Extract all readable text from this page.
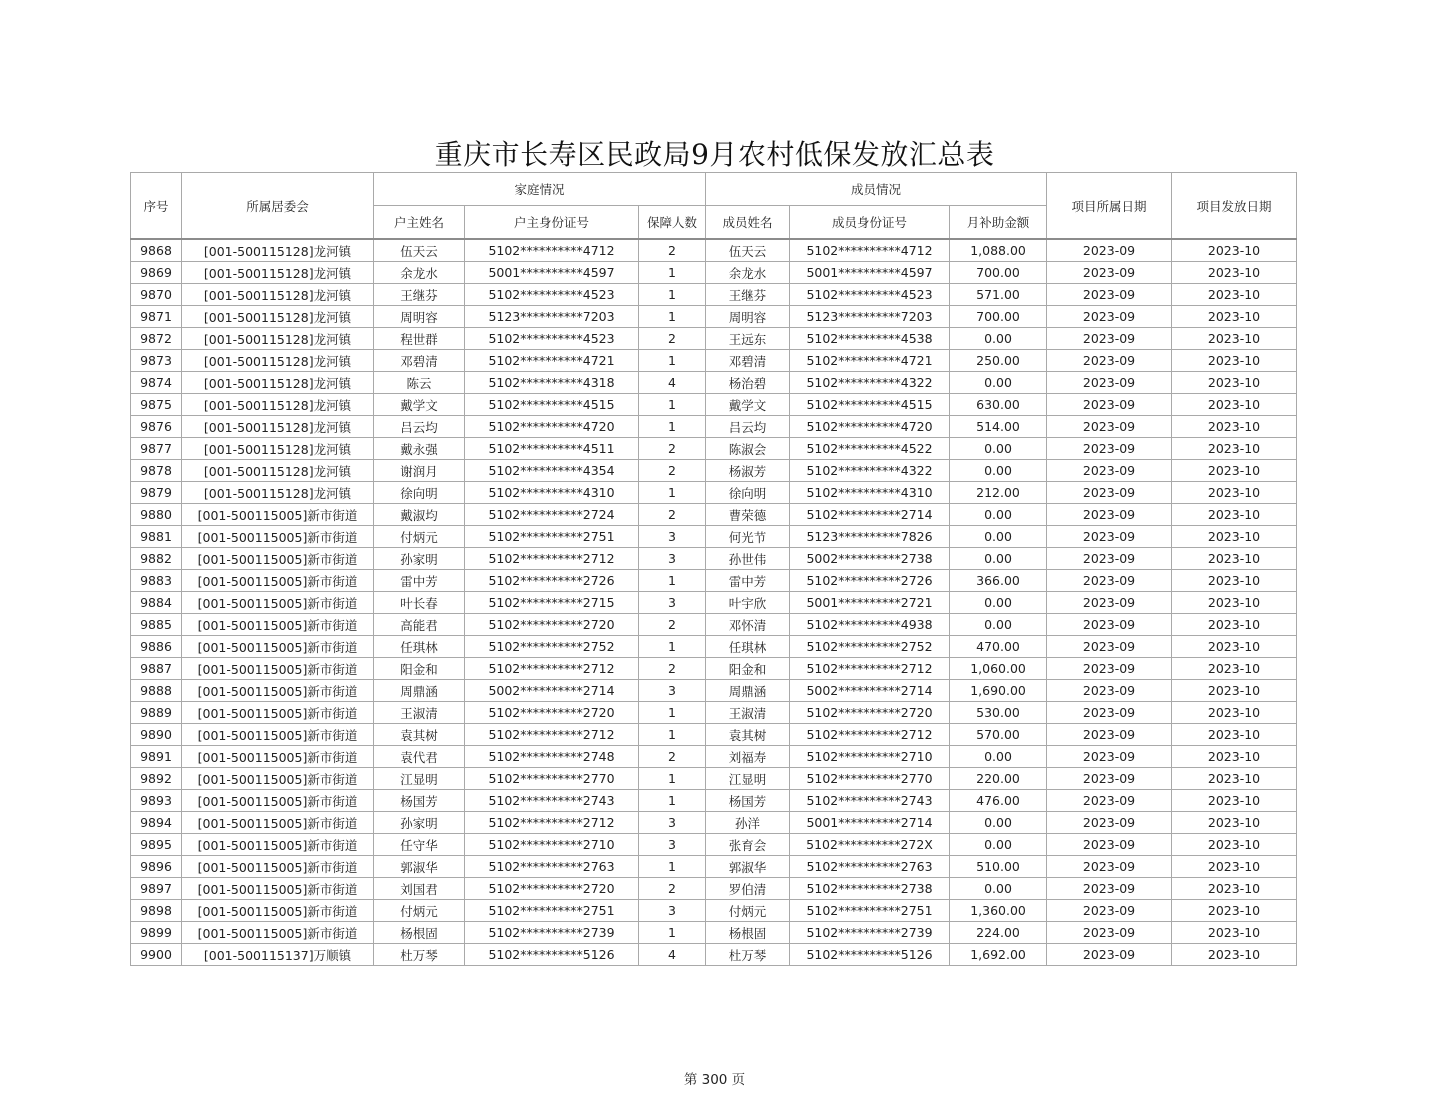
重庆市长寿区民政局9月农村低保发放汇总表
序号	所属居委会	家庭情况			成员情况			项目所属日期	项目发放日期
		户主姓名	户主身份证号	保障人数	成员姓名	成员身份证号	月补助金额		
9868	[001-500115128]龙河镇	伍天云	5102**********4712	2	伍天云	5102**********4712	1,088.00	2023-09	2023-10
9869	[001-500115128]龙河镇	余龙水	5001**********4597	1	余龙水	5001**********4597	700.00	2023-09	2023-10
9870	[001-500115128]龙河镇	王继芬	5102**********4523	1	王继芬	5102**********4523	571.00	2023-09	2023-10
9871	[001-500115128]龙河镇	周明容	5123**********7203	1	周明容	5123**********7203	700.00	2023-09	2023-10
9872	[001-500115128]龙河镇	程世群	5102**********4523	2	王远东	5102**********4538	0.00	2023-09	2023-10
9873	[001-500115128]龙河镇	邓碧清	5102**********4721	1	邓碧清	5102**********4721	250.00	2023-09	2023-10
9874	[001-500115128]龙河镇	陈云	5102**********4318	4	杨治碧	5102**********4322	0.00	2023-09	2023-10
9875	[001-500115128]龙河镇	戴学文	5102**********4515	1	戴学文	5102**********4515	630.00	2023-09	2023-10
9876	[001-500115128]龙河镇	吕云均	5102**********4720	1	吕云均	5102**********4720	514.00	2023-09	2023-10
9877	[001-500115128]龙河镇	戴永强	5102**********4511	2	陈淑会	5102**********4522	0.00	2023-09	2023-10
9878	[001-500115128]龙河镇	谢润月	5102**********4354	2	杨淑芳	5102**********4322	0.00	2023-09	2023-10
9879	[001-500115128]龙河镇	徐向明	5102**********4310	1	徐向明	5102**********4310	212.00	2023-09	2023-10
9880	[001-500115005]新市街道	戴淑均	5102**********2724	2	曹荣德	5102**********2714	0.00	2023-09	2023-10
9881	[001-500115005]新市街道	付炳元	5102**********2751	3	何光节	5123**********7826	0.00	2023-09	2023-10
9882	[001-500115005]新市街道	孙家明	5102**********2712	3	孙世伟	5002**********2738	0.00	2023-09	2023-10
9883	[001-500115005]新市街道	雷中芳	5102**********2726	1	雷中芳	5102**********2726	366.00	2023-09	2023-10
9884	[001-500115005]新市街道	叶长春	5102**********2715	3	叶宇欣	5001**********2721	0.00	2023-09	2023-10
9885	[001-500115005]新市街道	高能君	5102**********2720	2	邓怀清	5102**********4938	0.00	2023-09	2023-10
9886	[001-500115005]新市街道	任琪林	5102**********2752	1	任琪林	5102**********2752	470.00	2023-09	2023-10
9887	[001-500115005]新市街道	阳金和	5102**********2712	2	阳金和	5102**********2712	1,060.00	2023-09	2023-10
9888	[001-500115005]新市街道	周鼎涵	5002**********2714	3	周鼎涵	5002**********2714	1,690.00	2023-09	2023-10
9889	[001-500115005]新市街道	王淑清	5102**********2720	1	王淑清	5102**********2720	530.00	2023-09	2023-10
9890	[001-500115005]新市街道	袁其树	5102**********2712	1	袁其树	5102**********2712	570.00	2023-09	2023-10
9891	[001-500115005]新市街道	袁代君	5102**********2748	2	刘福寿	5102**********2710	0.00	2023-09	2023-10
9892	[001-500115005]新市街道	江显明	5102**********2770	1	江显明	5102**********2770	220.00	2023-09	2023-10
9893	[001-500115005]新市街道	杨国芳	5102**********2743	1	杨国芳	5102**********2743	476.00	2023-09	2023-10
9894	[001-500115005]新市街道	孙家明	5102**********2712	3	孙洋	5001**********2714	0.00	2023-09	2023-10
9895	[001-500115005]新市街道	任守华	5102**********2710	3	张育会	5102**********272X	0.00	2023-09	2023-10
9896	[001-500115005]新市街道	郭淑华	5102**********2763	1	郭淑华	5102**********2763	510.00	2023-09	2023-10
9897	[001-500115005]新市街道	刘国君	5102**********2720	2	罗伯清	5102**********2738	0.00	2023-09	2023-10
9898	[001-500115005]新市街道	付炳元	5102**********2751	3	付炳元	5102**********2751	1,360.00	2023-09	2023-10
9899	[001-500115005]新市街道	杨根固	5102**********2739	1	杨根固	5102**********2739	224.00	2023-09	2023-10
9900	[001-500115137]万顺镇	杜万琴	5102**********5126	4	杜万琴	5102**********5126	1,692.00	2023-09	2023-10
第 300 页
